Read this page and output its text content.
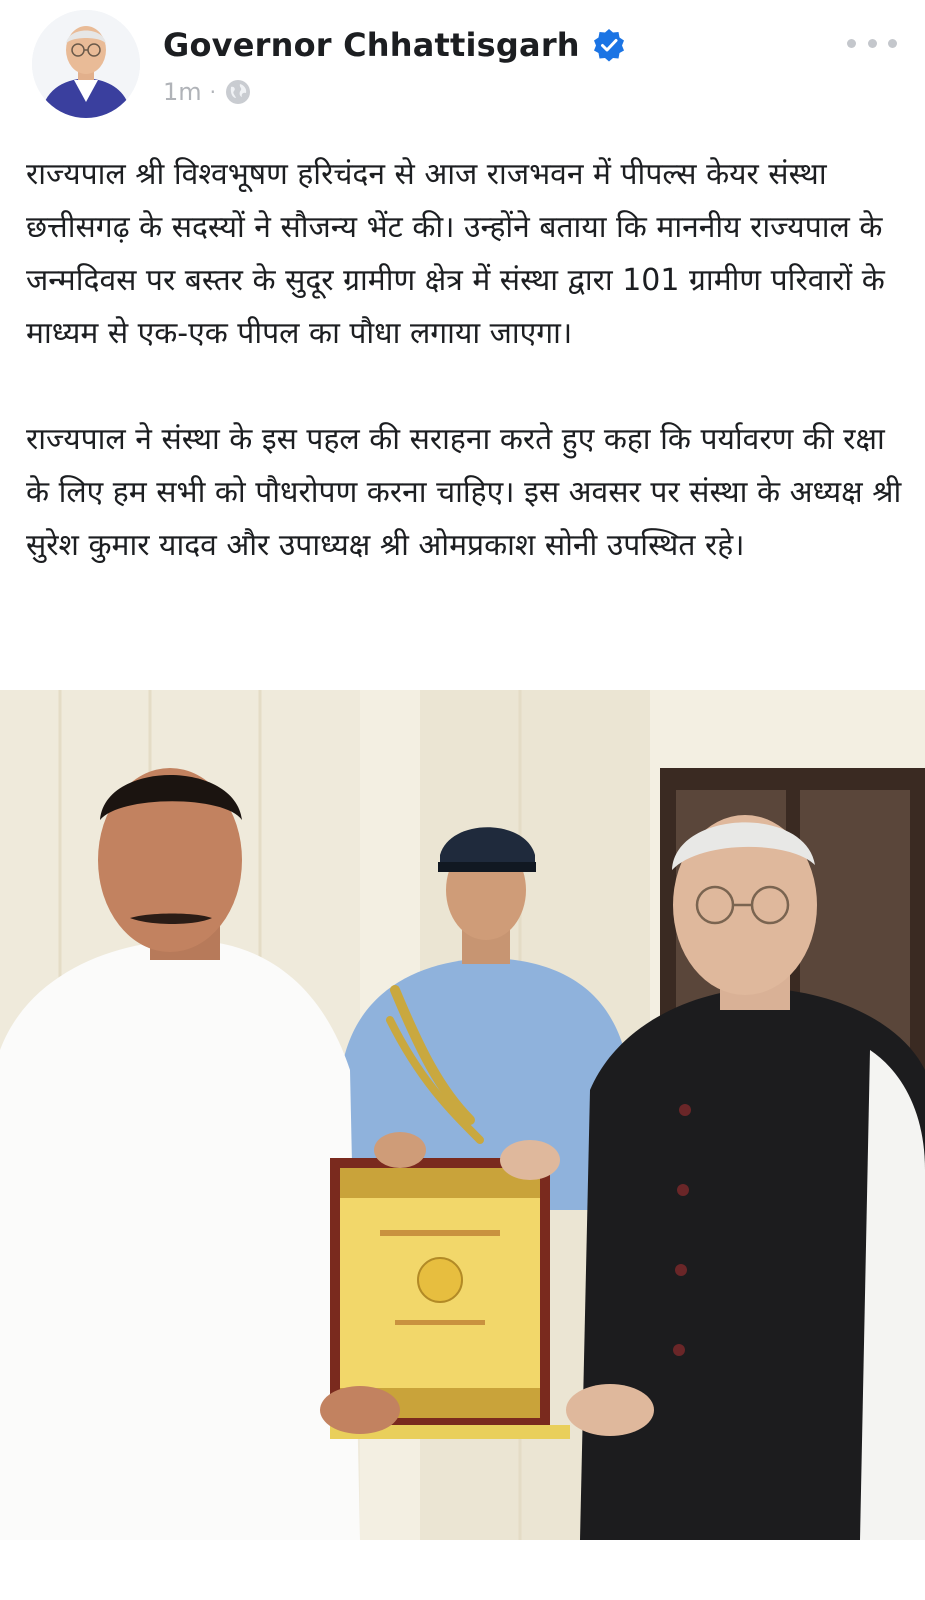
Governor Chhattisgarh
1m ·

राज्यपाल श्री विश्वभूषण हरिचंदन से आज राजभवन में पीपल्स केयर संस्था छत्तीसगढ़ के सदस्यों ने सौजन्य भेंट की। उन्होंने बताया कि माननीय राज्यपाल के जन्मदिवस पर बस्तर के सुदूर ग्रामीण क्षेत्र में संस्था द्वारा 101 ग्रामीण परिवारों के माध्यम से एक-एक पीपल का पौधा लगाया जाएगा।

राज्यपाल ने संस्था के इस पहल की सराहना करते हुए कहा कि पर्यावरण की रक्षा के लिए हम सभी को पौधरोपण करना चाहिए। इस अवसर पर संस्था के अध्यक्ष श्री सुरेश कुमार यादव और उपाध्यक्ष श्री ओमप्रकाश सोनी उपस्थित रहे।
